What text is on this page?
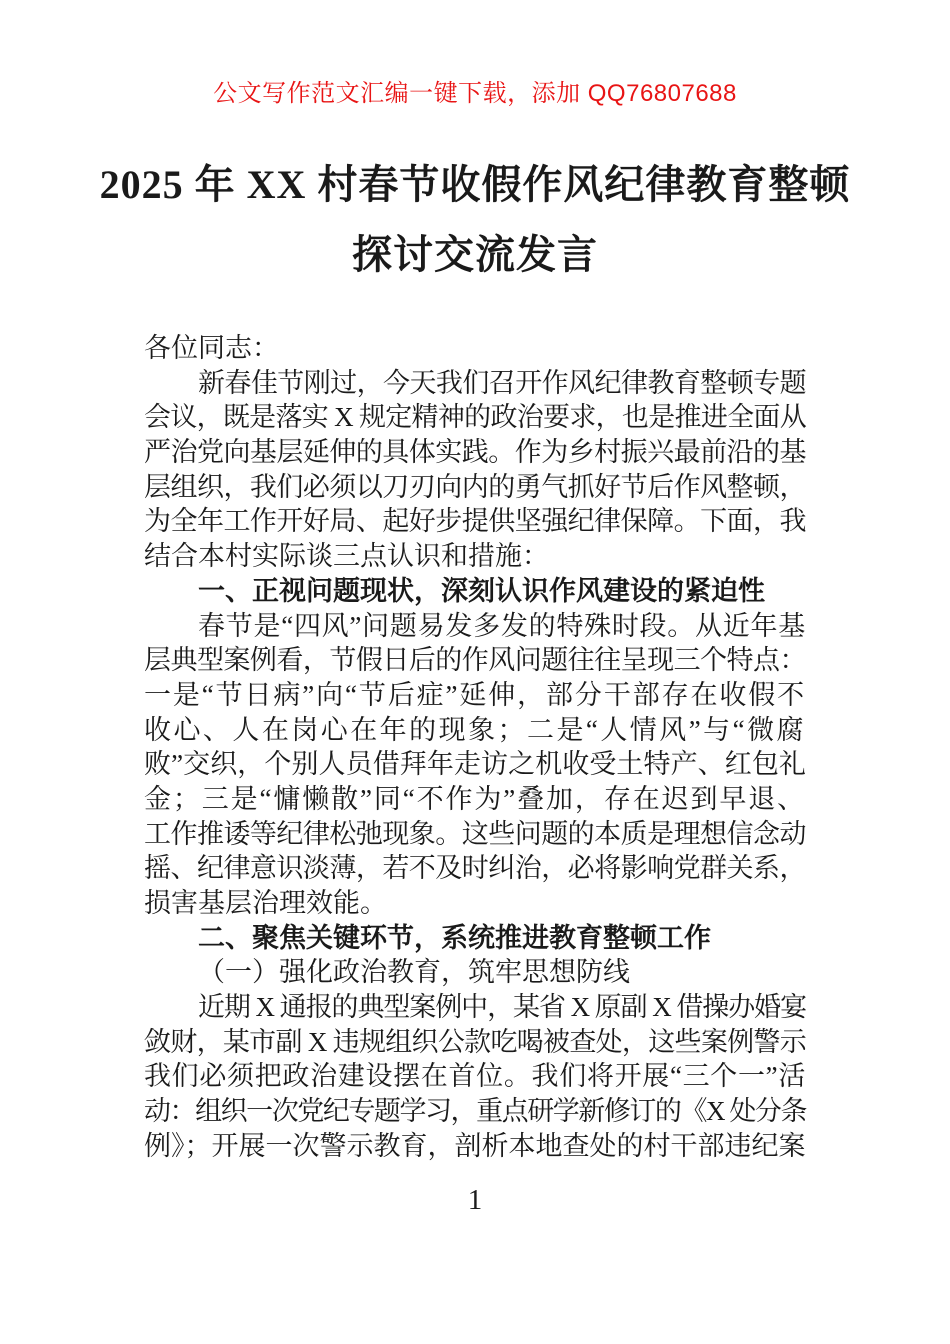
公文写作范文汇编一键下载，添加 QQ76807688
2025 年 XX 村春节收假作风纪律教育整顿
探讨交流发言
各位同志：
新春佳节刚过，今天我们召开作风纪律教育整顿专题
会议，既是落实 X 规定精神的政治要求，也是推进全面从
严治党向基层延伸的具体实践。作为乡村振兴最前沿的基
层组织，我们必须以刀刃向内的勇气抓好节后作风整顿，
为全年工作开好局、起好步提供坚强纪律保障。下面，我
结合本村实际谈三点认识和措施：
一、正视问题现状，深刻认识作风建设的紧迫性
春节是“四风”问题易发多发的特殊时段。从近年基
层典型案例看，节假日后的作风问题往往呈现三个特点：
一是“节日病”向“节后症”延伸，部分干部存在收假不
收心、人在岗心在年的现象；二是“人情风”与“微腐
败”交织，个别人员借拜年走访之机收受土特产、红包礼
金；三是“慵懒散”同“不作为”叠加，存在迟到早退、
工作推诿等纪律松弛现象。这些问题的本质是理想信念动
摇、纪律意识淡薄，若不及时纠治，必将影响党群关系，
损害基层治理效能。
二、聚焦关键环节，系统推进教育整顿工作
（一）强化政治教育，筑牢思想防线
近期 X 通报的典型案例中，某省 X 原副 X 借操办婚宴
敛财，某市副 X 违规组织公款吃喝被查处，这些案例警示
我们必须把政治建设摆在首位。我们将开展“三个一”活
动：组织一次党纪专题学习，重点研学新修订的《X 处分条
例》；开展一次警示教育，剖析本地查处的村干部违纪案
1
